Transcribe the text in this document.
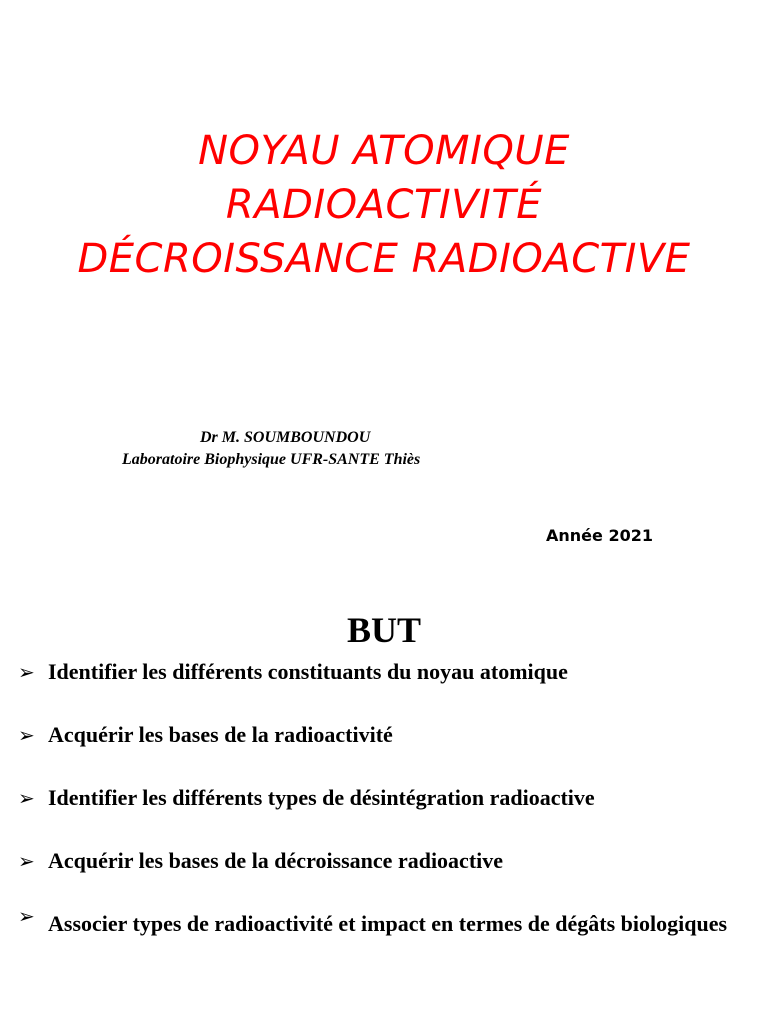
NOYAU ATOMIQUE
RADIOACTIVITÉ
DÉCROISSANCE RADIOACTIVE
Dr M. SOUMBOUNDOU
Laboratoire Biophysique UFR-SANTE Thiès
Année 2021
BUT
➢ Identifier les différents constituants du noyau atomique
➢ Acquérir les bases de la radioactivité
➢ Identifier les différents types de désintégration radioactive
➢ Acquérir les bases de la décroissance radioactive
➢ Associer types de radioactivité et impact en termes de dégâts biologiques
